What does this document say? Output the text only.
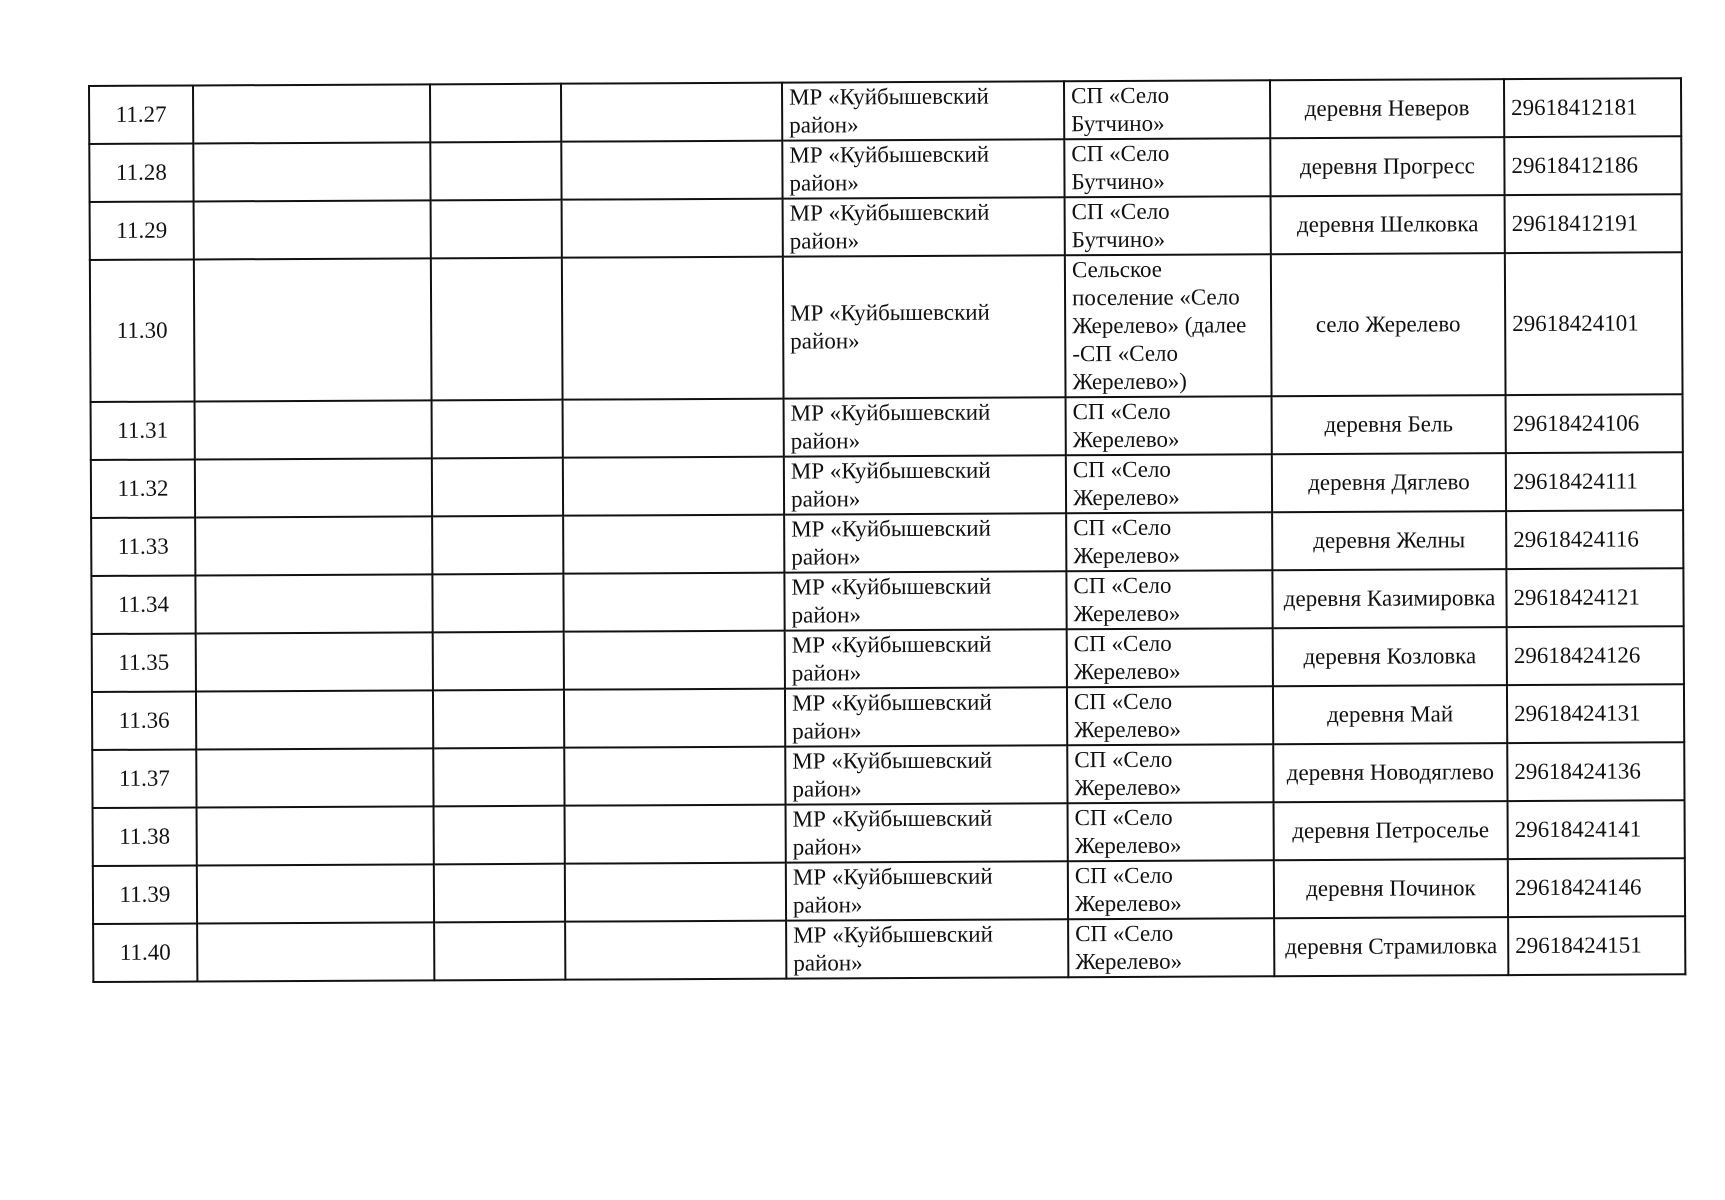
11.27				МР «Куйбышевский район»	СП «Село Бутчино»	деревня Неверов	29618412181
11.28				МР «Куйбышевский район»	СП «Село Бутчино»	деревня Прогресс	29618412186
11.29				МР «Куйбышевский район»	СП «Село Бутчино»	деревня Шелковка	29618412191
11.30				МР «Куйбышевский район»	Сельское поселение «Село Жерелево» (далее -СП «Село Жерелево»)	село Жерелево	29618424101
11.31				МР «Куйбышевский район»	СП «Село Жерелево»	деревня Бель	29618424106
11.32				МР «Куйбышевский район»	СП «Село Жерелево»	деревня Дяглево	29618424111
11.33				МР «Куйбышевский район»	СП «Село Жерелево»	деревня Желны	29618424116
11.34				МР «Куйбышевский район»	СП «Село Жерелево»	деревня Казимировка	29618424121
11.35				МР «Куйбышевский район»	СП «Село Жерелево»	деревня Козловка	29618424126
11.36				МР «Куйбышевский район»	СП «Село Жерелево»	деревня Май	29618424131
11.37				МР «Куйбышевский район»	СП «Село Жерелево»	деревня Новодяглево	29618424136
11.38				МР «Куйбышевский район»	СП «Село Жерелево»	деревня Петроселье	29618424141
11.39				МР «Куйбышевский район»	СП «Село Жерелево»	деревня Починок	29618424146
11.40				МР «Куйбышевский район»	СП «Село Жерелево»	деревня Страмиловка	29618424151
